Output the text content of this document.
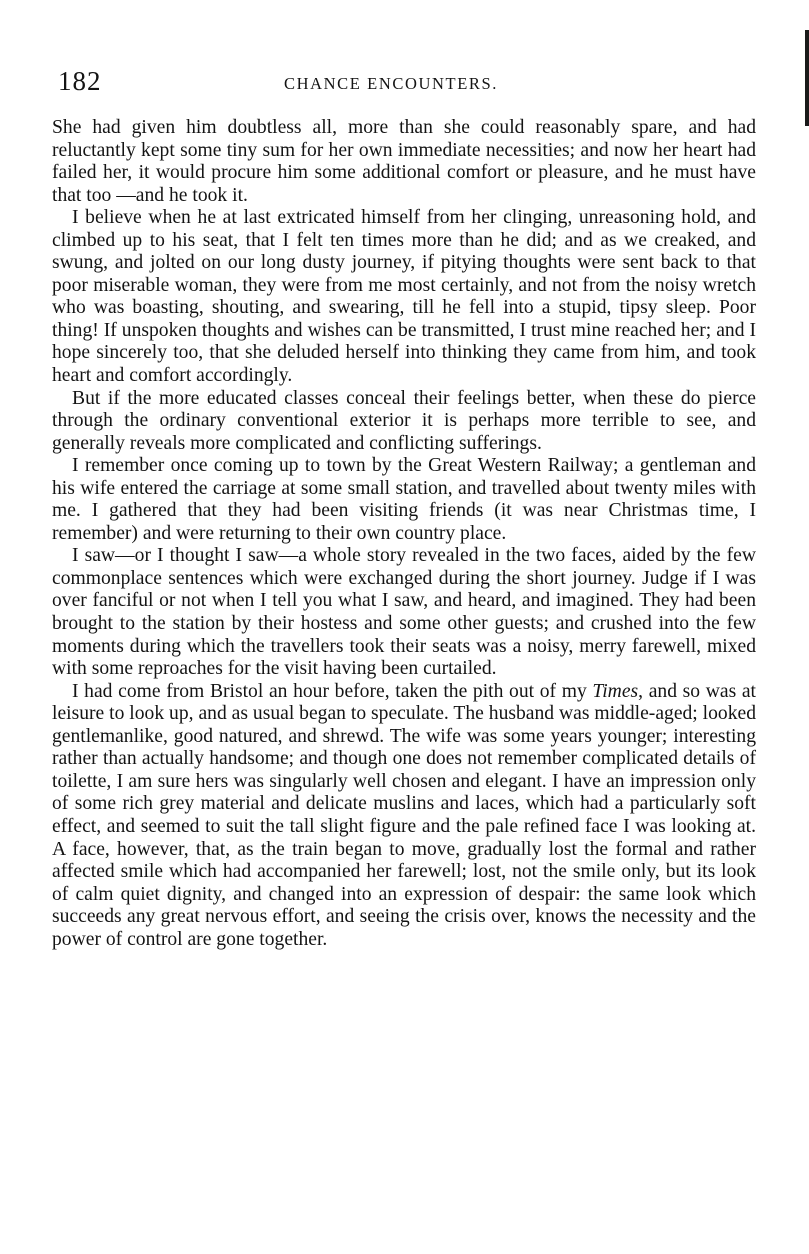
182	CHANCE ENCOUNTERS.

She had given him doubtless all, more than she could reasonably spare, and had reluctantly kept some tiny sum for her own immediate necessities; and now her heart had failed her, it would procure him some additional comfort or pleasure, and he must have that too —and he took it.

I believe when he at last extricated himself from her clinging, unreasoning hold, and climbed up to his seat, that I felt ten times more than he did; and as we creaked, and swung, and jolted on our long dusty journey, if pitying thoughts were sent back to that poor miserable woman, they were from me most certainly, and not from the noisy wretch who was boasting, shouting, and swearing, till he fell into a stupid, tipsy sleep. Poor thing! If unspoken thoughts and wishes can be transmitted, I trust mine reached her; and I hope sincerely too, that she deluded herself into thinking they came from him, and took heart and comfort accordingly.

But if the more educated classes conceal their feelings better, when these do pierce through the ordinary conventional exterior it is perhaps more terrible to see, and generally reveals more complicated and conflicting sufferings.

I remember once coming up to town by the Great Western Railway; a gentleman and his wife entered the carriage at some small station, and travelled about twenty miles with me. I gathered that they had been visiting friends (it was near Christmas time, I remember) and were returning to their own country place.

I saw—or I thought I saw—a whole story revealed in the two faces, aided by the few commonplace sentences which were exchanged during the short journey. Judge if I was over fanciful or not when I tell you what I saw, and heard, and imagined. They had been brought to the station by their hostess and some other guests; and crushed into the few moments during which the travellers took their seats was a noisy, merry farewell, mixed with some reproaches for the visit having been curtailed.

I had come from Bristol an hour before, taken the pith out of my Times, and so was at leisure to look up, and as usual began to speculate. The husband was middle-aged; looked gentlemanlike, good natured, and shrewd. The wife was some years younger; interesting rather than actually handsome; and though one does not remember complicated details of toilette, I am sure hers was singularly well chosen and elegant. I have an impression only of some rich grey material and delicate muslins and laces, which had a particularly soft effect, and seemed to suit the tall slight figure and the pale refined face I was looking at. A face, however, that, as the train began to move, gradually lost the formal and rather affected smile which had accompanied her farewell; lost, not the smile only, but its look of calm quiet dignity, and changed into an expression of despair: the same look which succeeds any great nervous effort, and seeing the crisis over, knows the necessity and the power of control are gone together.
